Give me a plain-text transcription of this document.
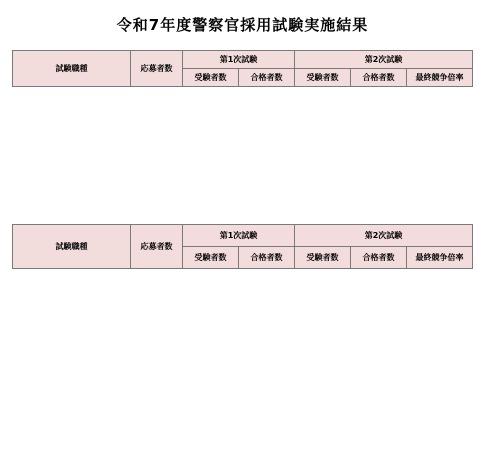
令和7年度警察官採用試験実施結果
試験職種	応募者数	第1次試験		第2次試験		
		受験者数	合格者数	受験者数	合格者数	最終競争倍率
試験職種	応募者数	第1次試験		第2次試験		
		受験者数	合格者数	受験者数	合格者数	最終競争倍率
